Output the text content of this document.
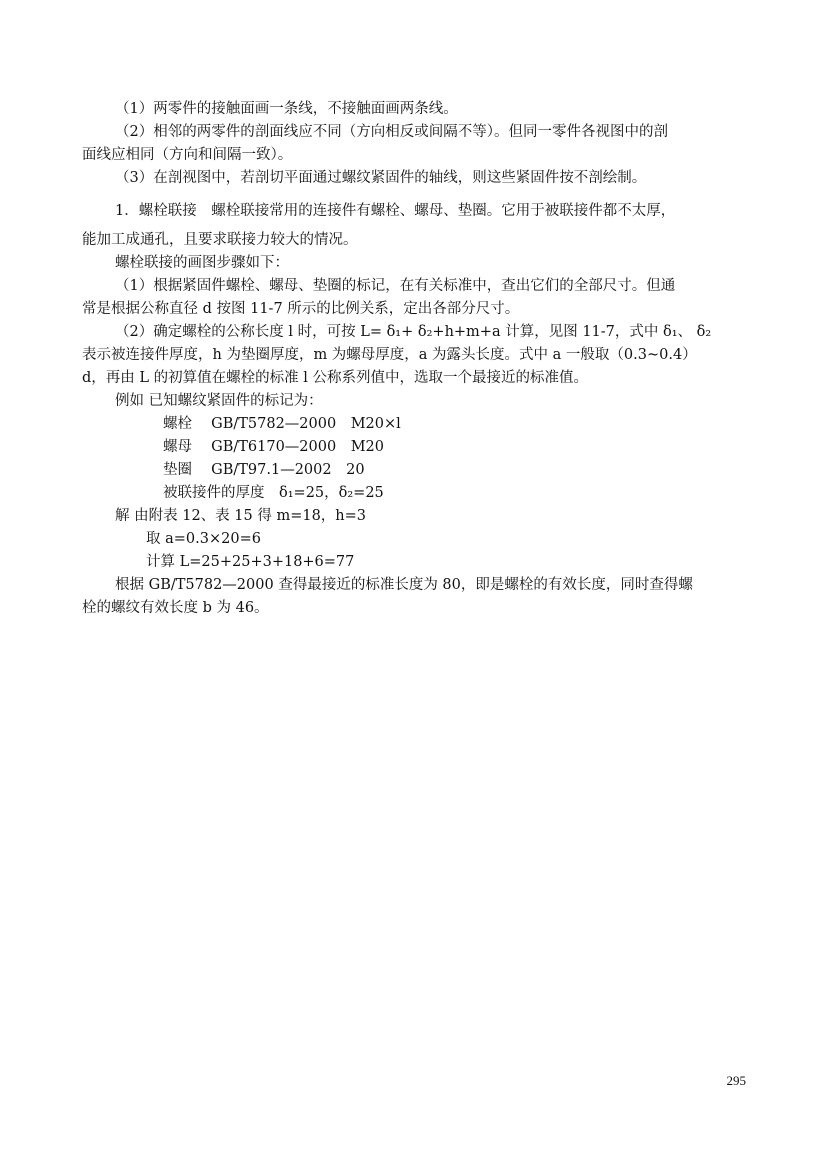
（1）两零件的接触面画一条线，不接触面画两条线。
（2）相邻的两零件的剖面线应不同（方向相反或间隔不等）。但同一零件各视图中的剖
面线应相同（方向和间隔一致）。
（3）在剖视图中，若剖切平面通过螺纹紧固件的轴线，则这些紧固件按不剖绘制。
1．螺栓联接　螺栓联接常用的连接件有螺栓、螺母、垫圈。它用于被联接件都不太厚，
能加工成通孔，且要求联接力较大的情况。
螺栓联接的画图步骤如下：
（1）根据紧固件螺栓、螺母、垫圈的标记，在有关标准中，查出它们的全部尺寸。但通
常是根据公称直径 d 按图 11-7 所示的比例关系，定出各部分尺寸。
（2）确定螺栓的公称长度 l 时，可按 L= δ₁+ δ₂+h+m+a 计算，见图 11-7，式中 δ₁、 δ₂
表示被连接件厚度，h 为垫圈厚度，m 为螺母厚度，a 为露头长度。式中 a 一般取（0.3~0.4）
d，再由 L 的初算值在螺栓的标准 l 公称系列值中，选取一个最接近的标准值。
例如 已知螺纹紧固件的标记为：
螺栓　 GB/T5782—2000　M20×l
螺母　 GB/T6170—2000　M20
垫圈　 GB/T97.1—2002　20
被联接件的厚度　δ₁=25，δ₂=25
解 由附表 12、表 15 得 m=18，h=3
取 a=0.3×20=6
计算 L=25+25+3+18+6=77
根据 GB/T5782—2000 查得最接近的标准长度为 80，即是螺栓的有效长度，同时查得螺
栓的螺纹有效长度 b 为 46。
295
